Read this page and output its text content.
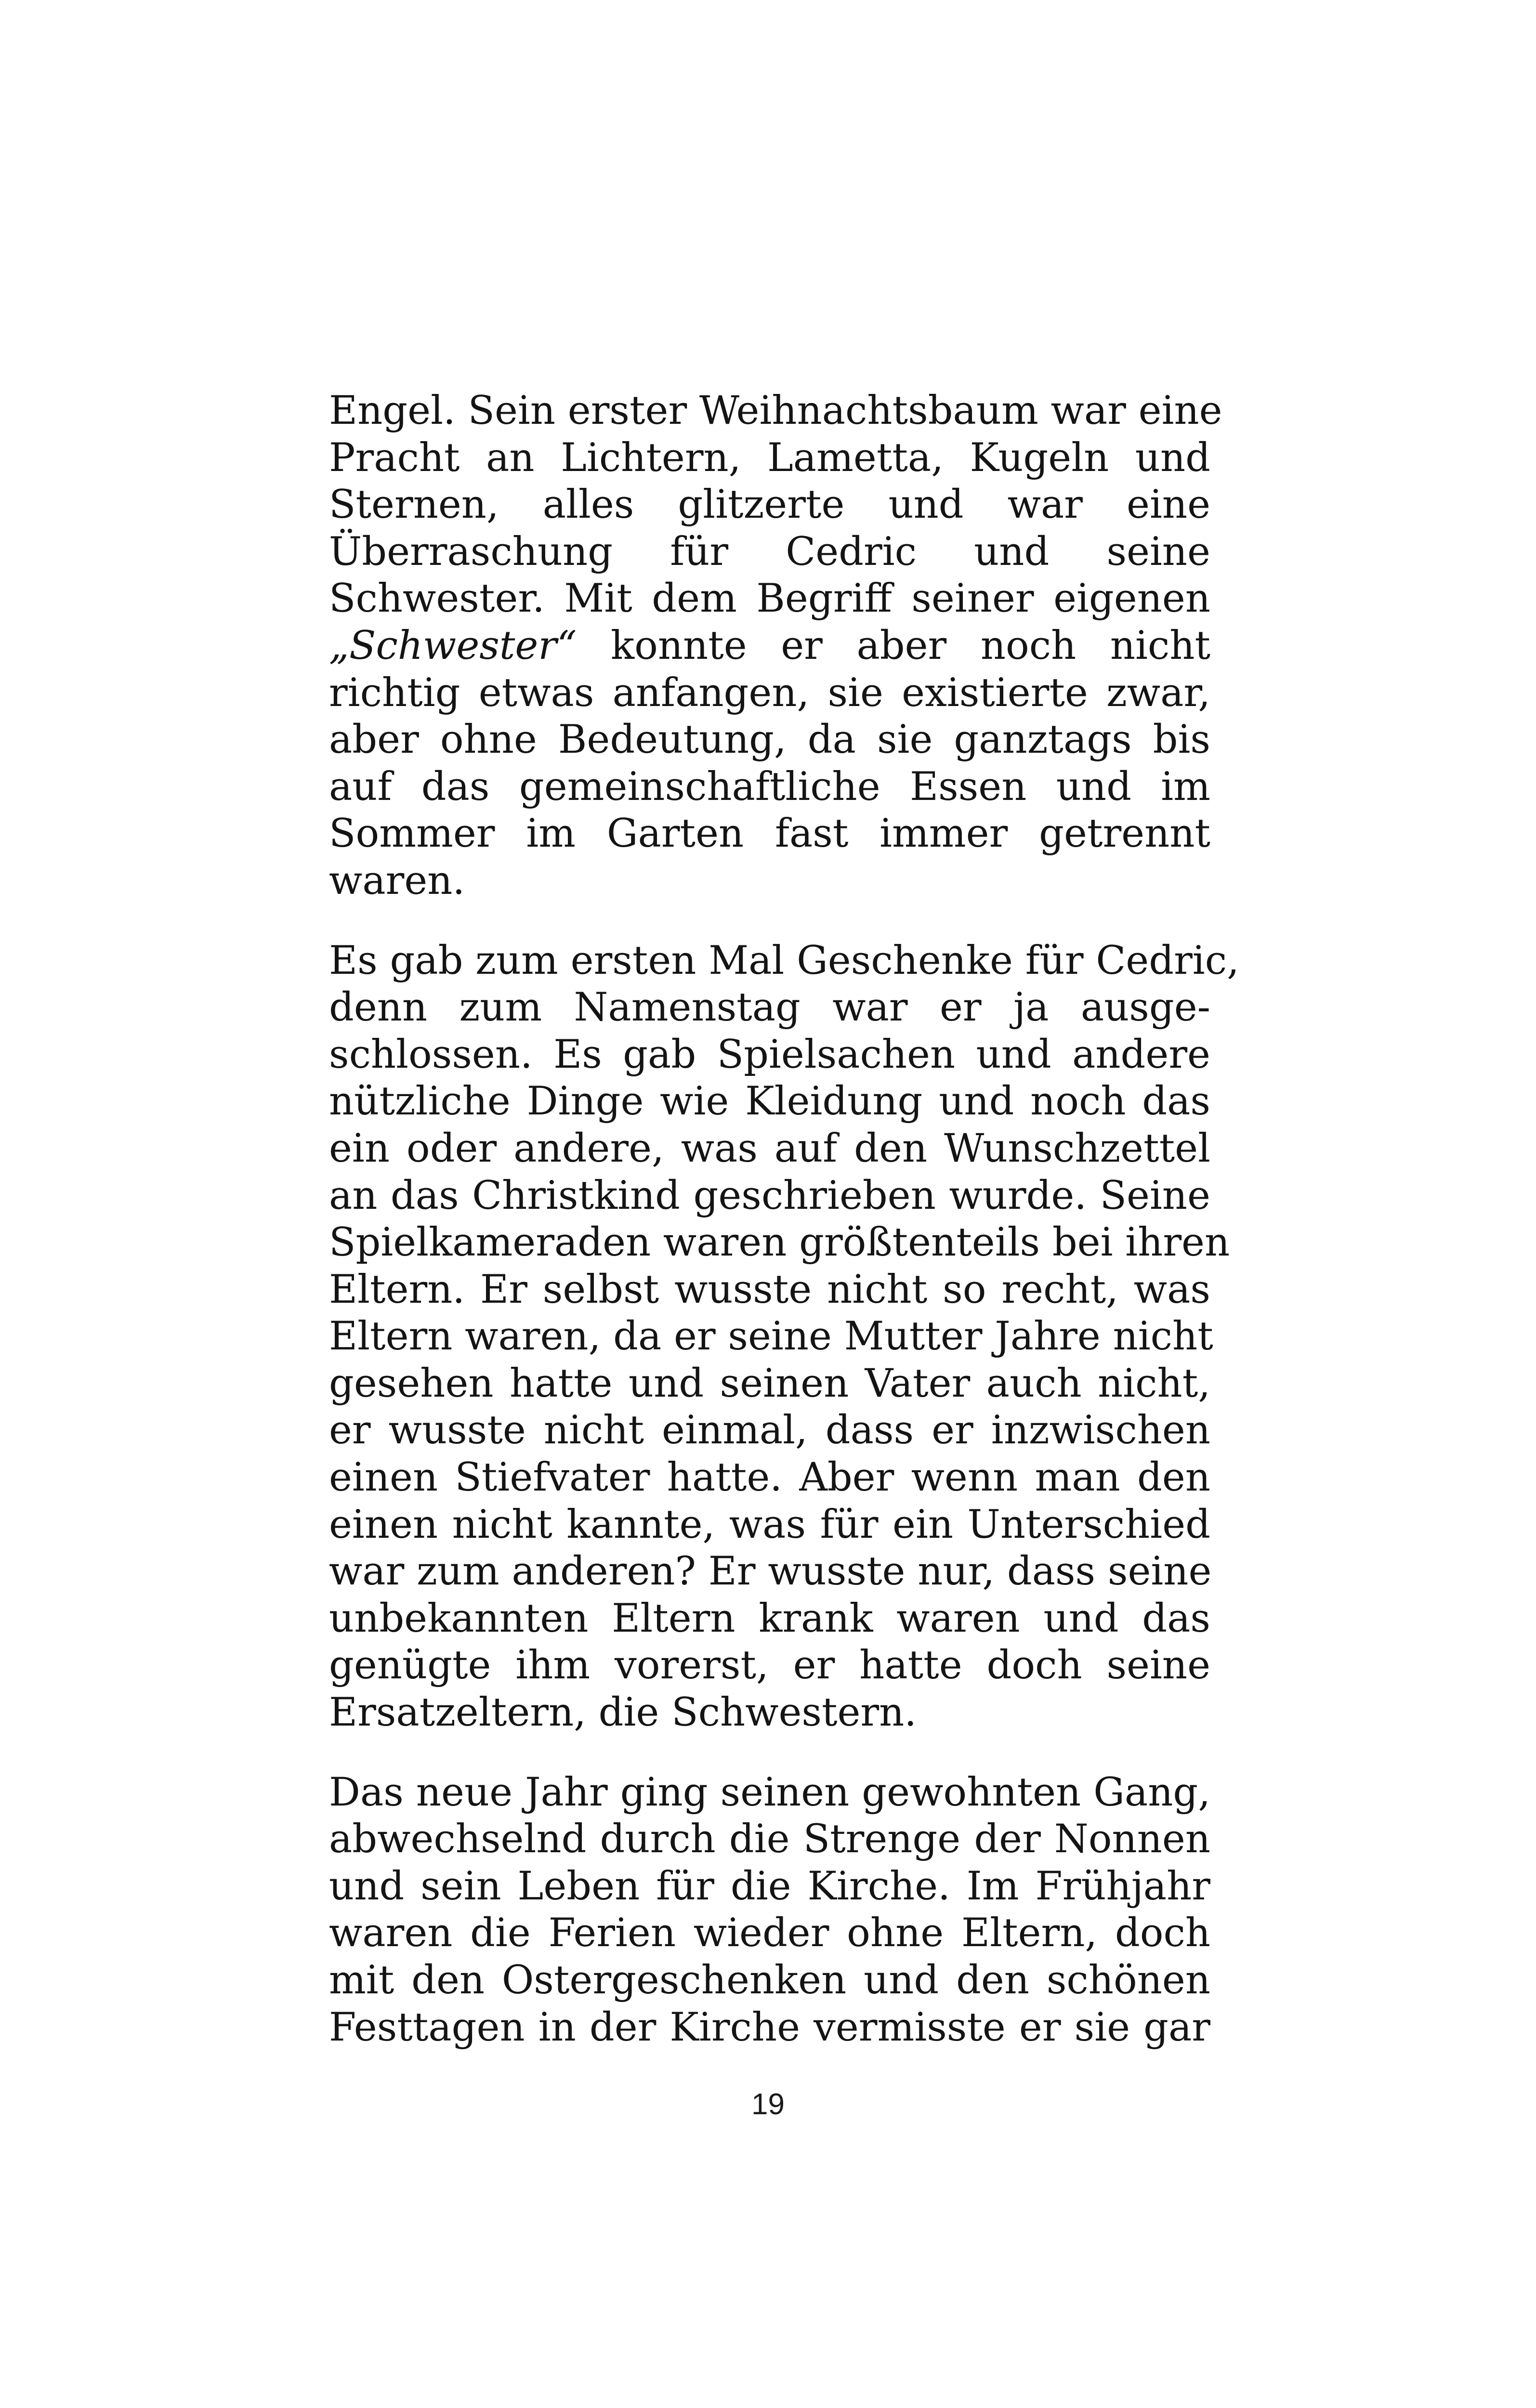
Engel. Sein erster Weihnachtsbaum war eine
Pracht an Lichtern, Lametta, Kugeln und
Sternen, alles glitzerte und war eine
Überraschung für Cedric und seine
Schwester. Mit dem Begriff seiner eigenen
„Schwester“ konnte er aber noch nicht
richtig etwas anfangen, sie existierte zwar,
aber ohne Bedeutung, da sie ganztags bis
auf das gemeinschaftliche Essen und im
Sommer im Garten fast immer getrennt
waren.
Es gab zum ersten Mal Geschenke für Cedric,
denn zum Namenstag war er ja ausge-
schlossen. Es gab Spielsachen und andere
nützliche Dinge wie Kleidung und noch das
ein oder andere, was auf den Wunschzettel
an das Christkind geschrieben wurde. Seine
Spielkameraden waren größtenteils bei ihren
Eltern. Er selbst wusste nicht so recht, was
Eltern waren, da er seine Mutter Jahre nicht
gesehen hatte und seinen Vater auch nicht,
er wusste nicht einmal, dass er inzwischen
einen Stiefvater hatte. Aber wenn man den
einen nicht kannte, was für ein Unterschied
war zum anderen? Er wusste nur, dass seine
unbekannten Eltern krank waren und das
genügte ihm vorerst, er hatte doch seine
Ersatzeltern, die Schwestern.
Das neue Jahr ging seinen gewohnten Gang,
abwechselnd durch die Strenge der Nonnen
und sein Leben für die Kirche. Im Frühjahr
waren die Ferien wieder ohne Eltern, doch
mit den Ostergeschenken und den schönen
Festtagen in der Kirche vermisste er sie gar
19
